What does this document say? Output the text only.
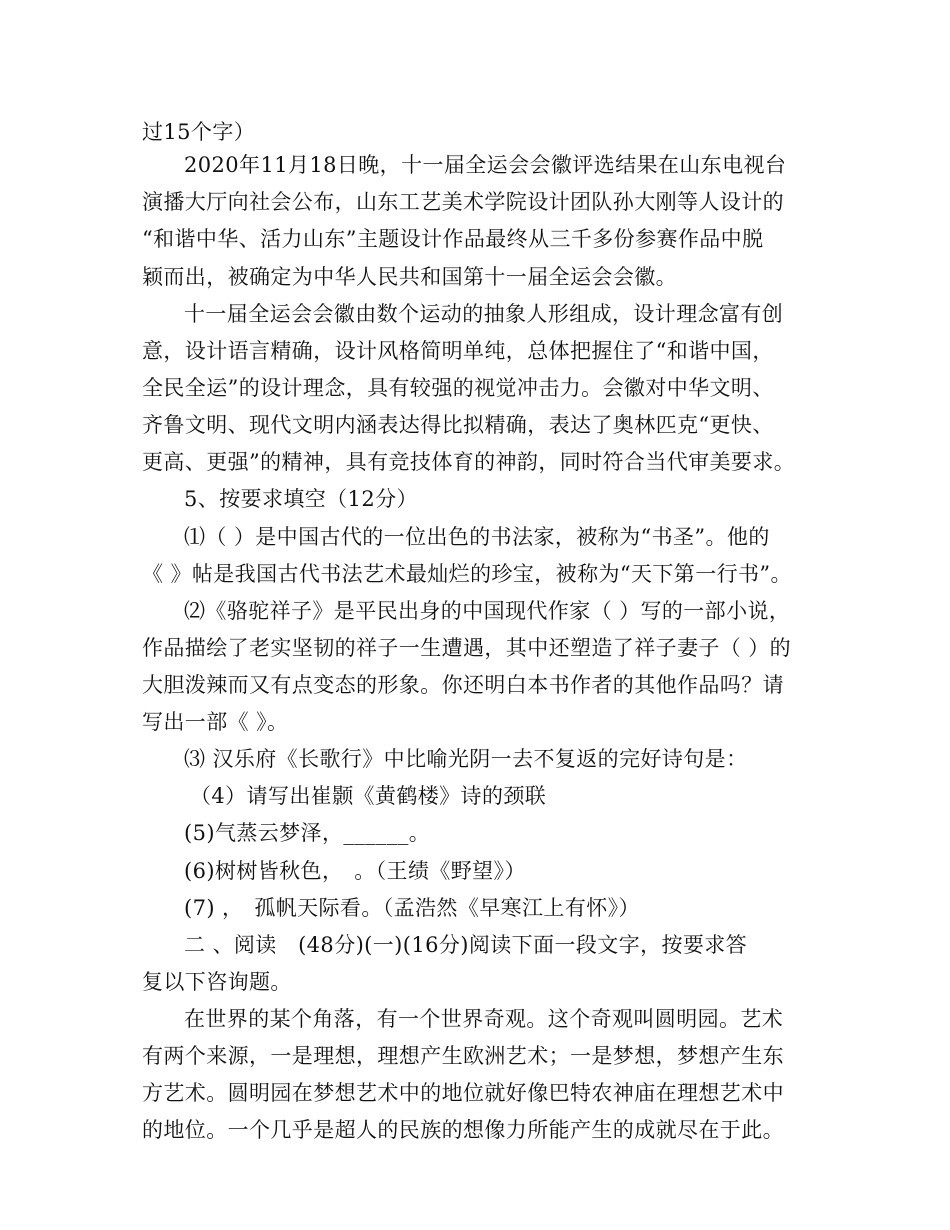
过15个字）
2020年11月18日晚，十一届全运会会徽评选结果在山东电视台
演播大厅向社会公布，山东工艺美术学院设计团队孙大刚等人设计的
“和谐中华、活力山东”主题设计作品最终从三千多份参赛作品中脱
颖而出，被确定为中华人民共和国第十一届全运会会徽。
十一届全运会会徽由数个运动的抽象人形组成，设计理念富有创
意，设计语言精确，设计风格简明单纯，总体把握住了“和谐中国，
全民全运”的设计理念，具有较强的视觉冲击力。会徽对中华文明、
齐鲁文明、现代文明内涵表达得比拟精确，表达了奥林匹克“更快、
更高、更强”的精神，具有竞技体育的神韵，同时符合当代审美要求。
5、按要求填空（12分）
⑴（ ）是中国古代的一位出色的书法家，被称为“书圣”。他的
《 》帖是我国古代书法艺术最灿烂的珍宝，被称为“天下第一行书”。
⑵《骆驼祥子》是平民出身的中国现代作家（ ）写的一部小说，
作品描绘了老实坚韧的祥子一生遭遇，其中还塑造了祥子妻子（ ）的
大胆泼辣而又有点变态的形象。你还明白本书作者的其他作品吗？请
写出一部《 》。
⑶ 汉乐府《长歌行》中比喻光阴一去不复返的完好诗句是：
（4）请写出崔颢《黄鹤楼》诗的颈联
(5)气蒸云梦泽，______。
(6)树树皆秋色，　。（王绩《野望》）
(7) ，　孤帆天际看。（孟浩然《早寒江上有怀》）
二 、阅读　(48分)(一)(16分)阅读下面一段文字，按要求答
复以下咨询题。
在世界的某个角落，有一个世界奇观。这个奇观叫圆明园。艺术
有两个来源，一是理想，理想产生欧洲艺术；一是梦想，梦想产生东
方艺术。圆明园在梦想艺术中的地位就好像巴特农神庙在理想艺术中
的地位。一个几乎是超人的民族的想像力所能产生的成就尽在于此。
